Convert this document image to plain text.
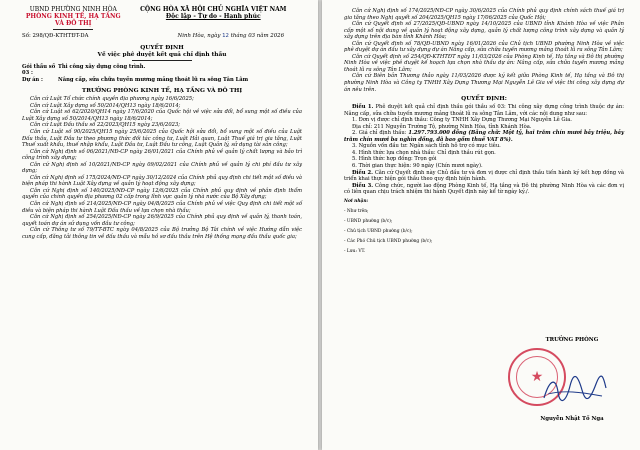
UBND PHƯỜNG NINH HÒA
PHÒNG KINH TẾ, HẠ TẦNG
VÀ ĐÔ THỊ
CỘNG HÒA XÃ HỘI CHỦ NGHĨA VIỆT NAM
Độc lập - Tự do - Hạnh phúc
Số: 298/QĐ-KTHTĐT-DA	Ninh Hòa, ngày 12 tháng 03 năm 2026
QUYẾT ĐỊNH
Về việc phê duyệt kết quả chỉ định thầu
Gói thầu số 03 :
Thi công xây dựng công trình.
Dự án :	Nâng cấp, sửa chữa tuyến mương mảng thoát lũ ra sông Tân Lâm
TRƯỞNG PHÒNG KINH TẾ, HẠ TẦNG VÀ ĐÔ THỊ

Căn cứ Luật Tổ chức chính quyền địa phương ngày 16/6/2025;

Căn cứ Luật Xây dựng số 50/2014/QH13 ngày 18/6/2014;

Căn cứ Luật số 62/2020/QH14 ngày 17/6/2020 của Quốc hội về việc sửa đổi, bổ sung một số điều của Luật Xây dựng số 50/2014/QH13 ngày 18/6/2014;

Căn cứ Luật Đấu thầu số 22/2023/QH15 ngày 23/6/2023;

Căn cứ Luật số 90/2025/QH15 ngày 25/6/2025 của Quốc hội sửa đổi, bổ sung một số điều của Luật Đấu thầu, Luật Đầu tư theo phương thức đối tác công tư, Luật Hải quan, Luật Thuế giá trị gia tăng, Luật Thuế xuất khẩu, thuế nhập khẩu, Luật Đầu tư, Luật Đầu tư công, Luật Quản lý, sử dụng tài sản công;

Căn cứ Nghị định số 06/2021/NĐ-CP ngày 26/01/2021 của Chính phủ về quản lý chất lượng và bảo trì công trình xây dựng;

Căn cứ Nghị định số 10/2021/NĐ-CP ngày 09/02/2021 của Chính phủ về quản lý chi phí đầu tư xây dựng;

Căn cứ Nghị định số 175/2024/NĐ-CP ngày 30/12/2024 của Chính phủ quy định chi tiết một số điều và biện pháp thi hành Luật Xây dựng về quản lý hoạt động xây dựng;

Căn cứ Nghị định số 140/2025/NĐ-CP ngày 12/6/2025 của Chính phủ quy định về phân định thẩm quyền của chính quyền địa phương 02 cấp trong lĩnh vực quản lý nhà nước của Bộ Xây dựng;

Căn cứ Nghị định số 214/2025/NĐ-CP ngày 04/8/2025 của Chính phủ về việc Quy định chi tiết một số điều và biện pháp thi hành Luật Đấu thầu về lựa chọn nhà thầu;

Căn cứ Nghị định số 254/2025/NĐ-CP ngày 26/9/2025 của Chính phủ quy định về quản lý, thanh toán, quyết toán dự án sử dụng vốn đầu tư công;

Căn cứ Thông tư số 79/TT-BTC ngày 04/8/2025 của Bộ trưởng Bộ Tài chính về việc Hướng dẫn việc cung cấp, đăng tải thông tin về đấu thầu và mẫu hồ sơ đấu thầu trên Hệ thống mạng đấu thầu quốc gia;

Căn cứ Nghị định số 174/2025/NĐ-CP ngày 30/6/2025 của Chính phủ quy định chính sách thuế giá trị gia tăng theo Nghị quyết số 204/2025/QH15 ngày 17/06/2025 của Quốc Hội;

Căn cứ Quyết định số 27/2025/QĐ-UBND ngày 14/10/2025 của UBND tỉnh Khánh Hòa về việc Phân cấp một số nội dung về quản lý hoạt động xây dựng, quản lý chất lượng công trình xây dựng và quản lý xây dựng trên địa bàn tỉnh Khánh Hòa;

Căn cứ Quyết định số 78/QĐ-UBND ngày 16/01/2026 của Chủ tịch UBND phường Ninh Hòa về việc phê duyệt dự án đầu tư xây dựng dự án Nâng cấp, sửa chữa tuyến mương mảng thoát lũ ra sông Tân Lâm;

Căn cứ Quyết định số 254/QĐ-KTHTĐT ngày 11/03/2026 của Phòng Kinh tế, Hạ tầng và Đô thị phường Ninh Hòa về việc phê duyệt kế hoạch lựa chọn nhà thầu dự án: Nâng cấp, sửa chữa tuyến mương mảng thoát lũ ra sông Tân Lâm;

Căn cứ Biên bản Thương thảo ngày 11/03/2026 được ký kết giữa Phòng Kinh tế, Hạ tầng và Đô thị phường Ninh Hòa và Công ty TNHH Xây Dựng Thương Mại Nguyễn Lê Gia về việc thi công xây dựng dự án nêu trên.

QUYẾT ĐỊNH:

Điều 1. Phê duyệt kết quả chỉ định thầu gói thầu số 03: Thi công xây dựng công trình thuộc dự án: Nâng cấp, sửa chữa tuyến mương mảng thoát lũ ra sông Tân Lâm, với các nội dung như sau:

1. Đơn vị được chỉ định thầu: Công ty TNHH Xây Dựng Thương Mại Nguyễn Lê Gia.

Địa chỉ: 211 Nguyễn Trường Tộ, phường Ninh Hòa, tỉnh Khánh Hòa.

2. Giá chỉ định thầu: 1.297.793.000 đồng (Bằng chữ: Một tỷ, hai trăm chín mươi bảy triệu, bảy trăm chín mươi ba nghìn đồng, đã bao gồm thuế VAT 8%).

3. Nguồn vốn đầu tư: Ngân sách tỉnh hỗ trợ có mục tiêu.

4. Hình thức lựa chọn nhà thầu: Chỉ định thầu rút gọn.

5. Hình thức hợp đồng: Trọn gói

6. Thời gian thực hiện: 90 ngày (Chín mươi ngày).

Điều 2. Căn cứ Quyết định này Chủ đầu tư và đơn vị được chỉ định thầu tiến hành ký kết hợp đồng và triển khai thực hiện gói thầu theo quy định hiện hành.

Điều 3. Công chức, người lao động Phòng Kinh tế, Hạ tầng và Đô thị phường Ninh Hòa và các đơn vị có liên quan chịu trách nhiệm thi hành Quyết định này kể từ ngày ký./.

Nơi nhận:

- Như trên;

- UBND phường (b/c);

- Chủ tịch UBND phường (b/c);

- Các Phó Chủ tịch UBND phường (b/c);

- Lưu: VT.

TRƯỞNG PHÒNG
★
Nguyễn Nhật Tố Nga
